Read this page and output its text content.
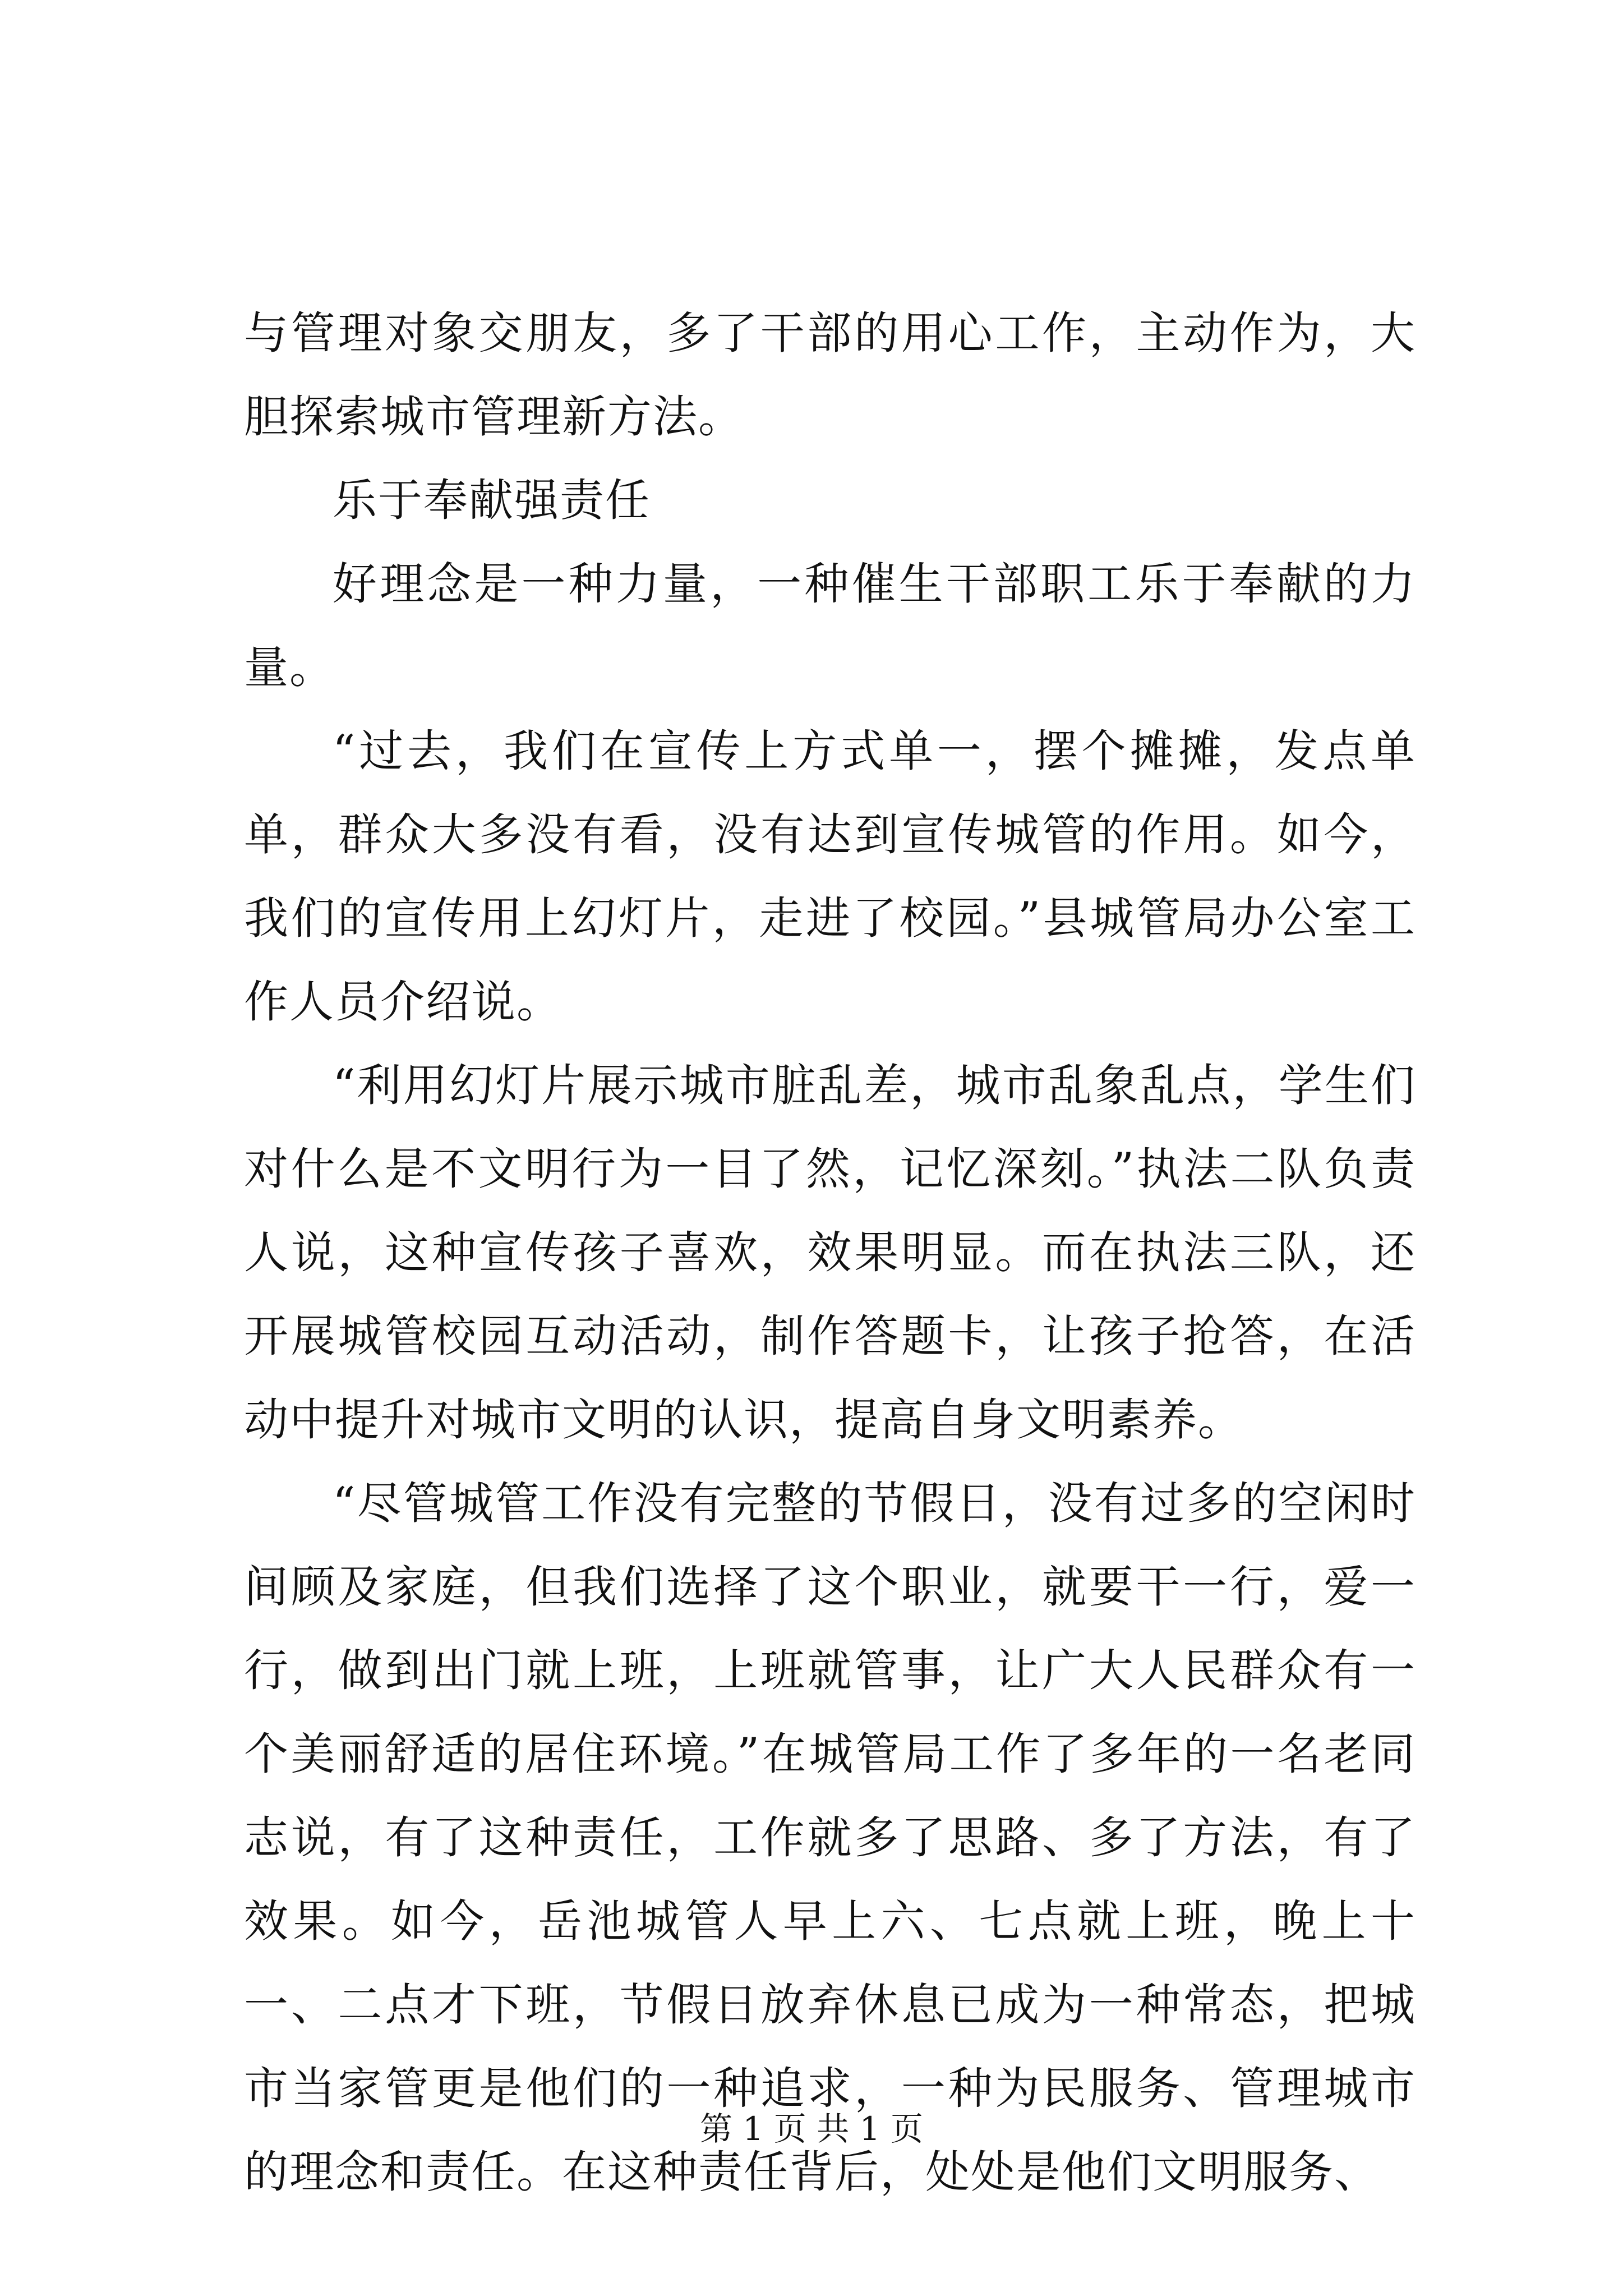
与管理对象交朋友，多了干部的用心工作，主动作为，大胆探索城市管理新方法。

乐于奉献强责任

好理念是一种力量，一种催生干部职工乐于奉献的力量。

“过去，我们在宣传上方式单一，摆个摊摊，发点单单，群众大多没有看，没有达到宣传城管的作用。如今，我们的宣传用上幻灯片，走进了校园。”县城管局办公室工作人员介绍说。

“利用幻灯片展示城市脏乱差，城市乱象乱点，学生们对什么是不文明行为一目了然，记忆深刻。”执法二队负责人说，这种宣传孩子喜欢，效果明显。而在执法三队，还开展城管校园互动活动，制作答题卡，让孩子抢答，在活动中提升对城市文明的认识，提高自身文明素养。

“尽管城管工作没有完整的节假日，没有过多的空闲时间顾及家庭，但我们选择了这个职业，就要干一行，爱一行，做到出门就上班，上班就管事，让广大人民群众有一个美丽舒适的居住环境。”在城管局工作了多年的一名老同志说，有了这种责任，工作就多了思路、多了方法，有了效果。如今，岳池城管人早上六、七点就上班，晚上十一、二点才下班，节假日放弃休息已成为一种常态，把城市当家管更是他们的一种追求，一种为民服务、管理城市的理念和责任。在这种责任背后，处处是他们文明服务、

第 1 页 共 1 页
